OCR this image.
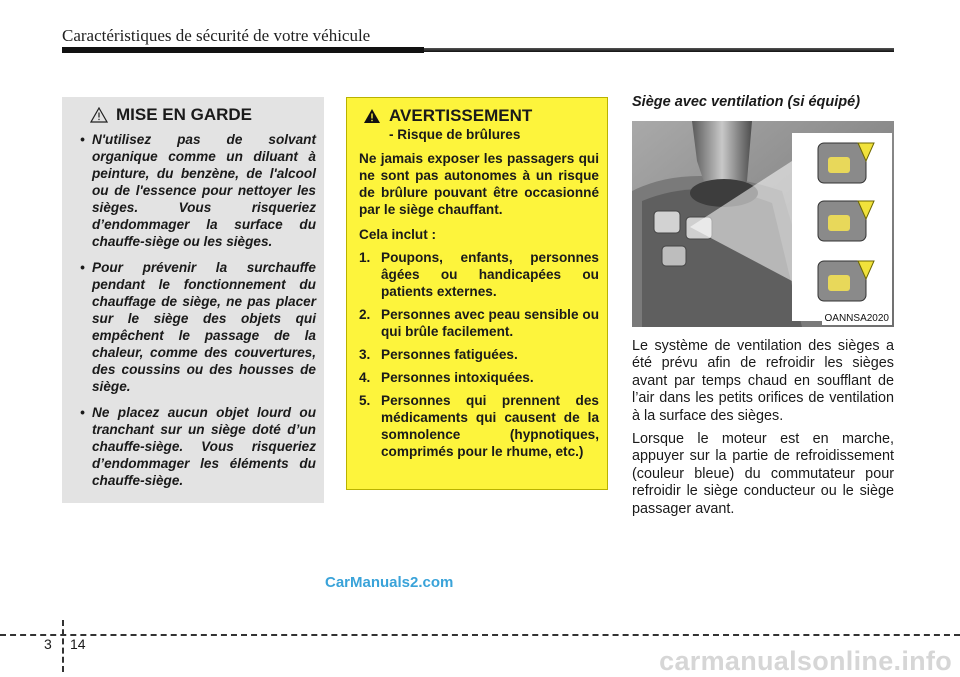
Caractéristiques de sécurité de votre véhicule
MISE EN GARDE
• N'utilisez pas de solvant organique comme un diluant à peinture, du benzène, de l'alcool ou de l'essence pour nettoyer les sièges. Vous risqueriez d’endommager la surface du chauffe-siège ou les sièges.
• Pour prévenir la surchauffe pendant le fonctionnement du chauffage de siège, ne pas placer sur le siège des objets qui empêchent le passage de la chaleur, comme des couvertures, des coussins ou des housses de siège.
• Ne placez aucun objet lourd ou tranchant sur un siège doté d’un chauffe-siège. Vous risqueriez d’endommager les éléments du chauffe-siège.
AVERTISSEMENT
- Risque de brûlures

Ne jamais exposer les passagers qui ne sont pas autonomes à un risque de brûlure pouvant être occasionné par le siège chauffant.

Cela inclut :

1. Poupons, enfants, personnes âgées ou handicapées ou patients externes.
2. Personnes avec peau sensible ou qui brûle facilement.
3. Personnes fatiguées.
4. Personnes intoxiquées.
5. Personnes qui prennent des médicaments qui causent de la somnolence (hypnotiques, comprimés pour le rhume, etc.)
Siège avec ventilation (si équipé)
OANNSA2020

Le système de ventilation des sièges a été prévu afin de refroidir les sièges avant par temps chaud en soufflant de l’air dans les petits orifices de ventilation à la surface des sièges.

Lorsque le moteur est en marche, appuyer sur la partie de refroidissement (couleur bleue) du commutateur pour refroidir le siège conducteur ou le siège passager avant.

CarManuals2.com
3 14
carmanualsonline.info
